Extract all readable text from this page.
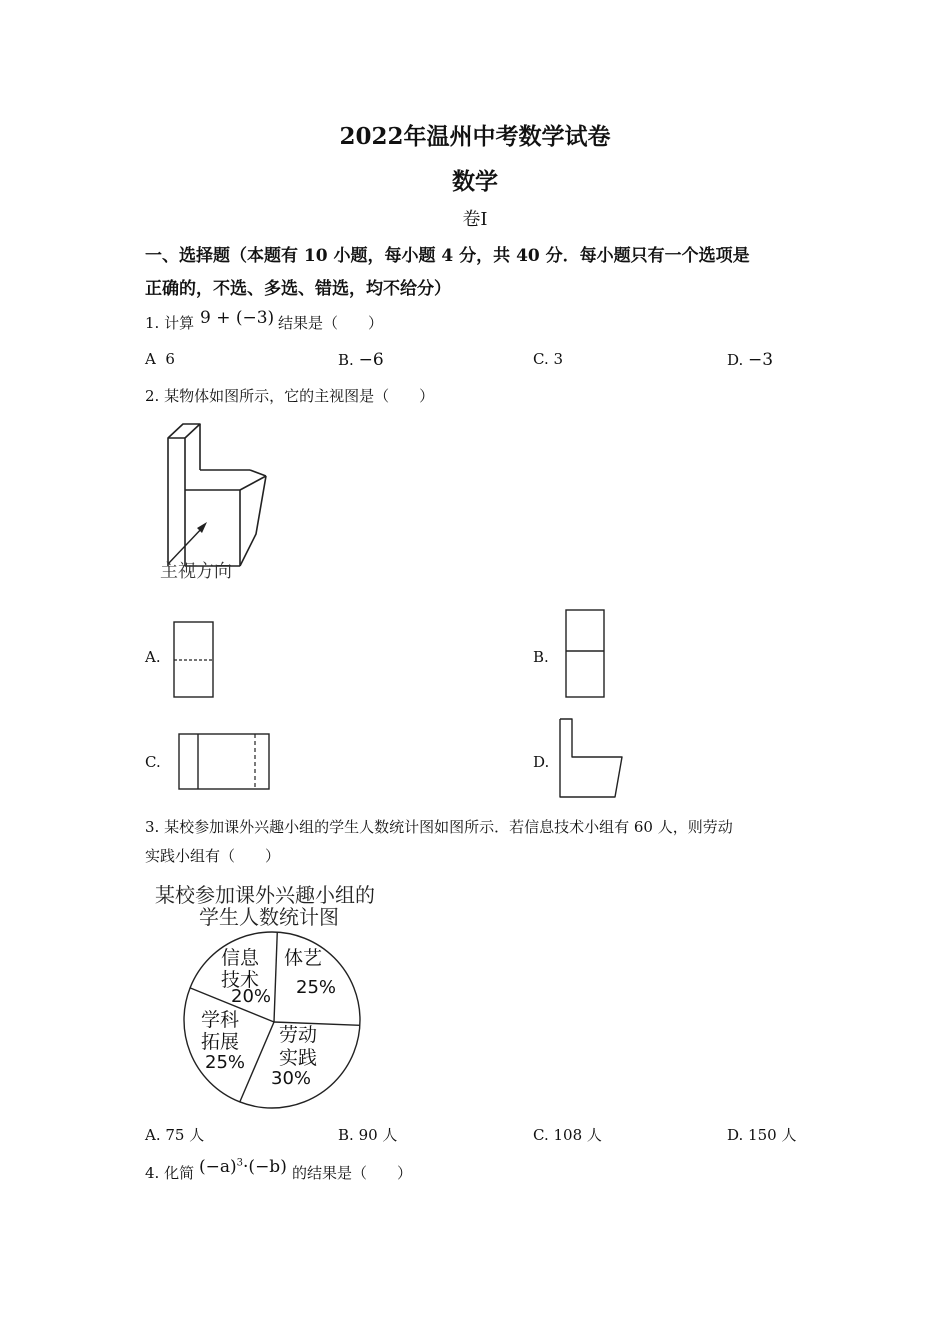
2022年温州中考数学试卷
数学
卷Ⅰ
一、选择题（本题有 10 小题，每小题 4 分，共 40 分．每小题只有一个选项是
正确的，不选、多选、错选，均不给分）
1. 计算 9 + (−3) 结果是（　　）
A 6	B. −6	C. 3	D. −3
2. 某物体如图所示，它的主视图是（　　）
主视方向
A.	B.
C.	D.
3. 某校参加课外兴趣小组的学生人数统计图如图所示．若信息技术小组有 60 人，则劳动
实践小组有（　　）
某校参加课外兴趣小组的
学生人数统计图
体艺
25%
劳动
实践
30%
学科
拓展
25%
信息
技术
20%
A. 75 人	B. 90 人	C. 108 人	D. 150 人
4. 化简 $(-a)^3\cdot(-b)$ 的结果是（　　）
